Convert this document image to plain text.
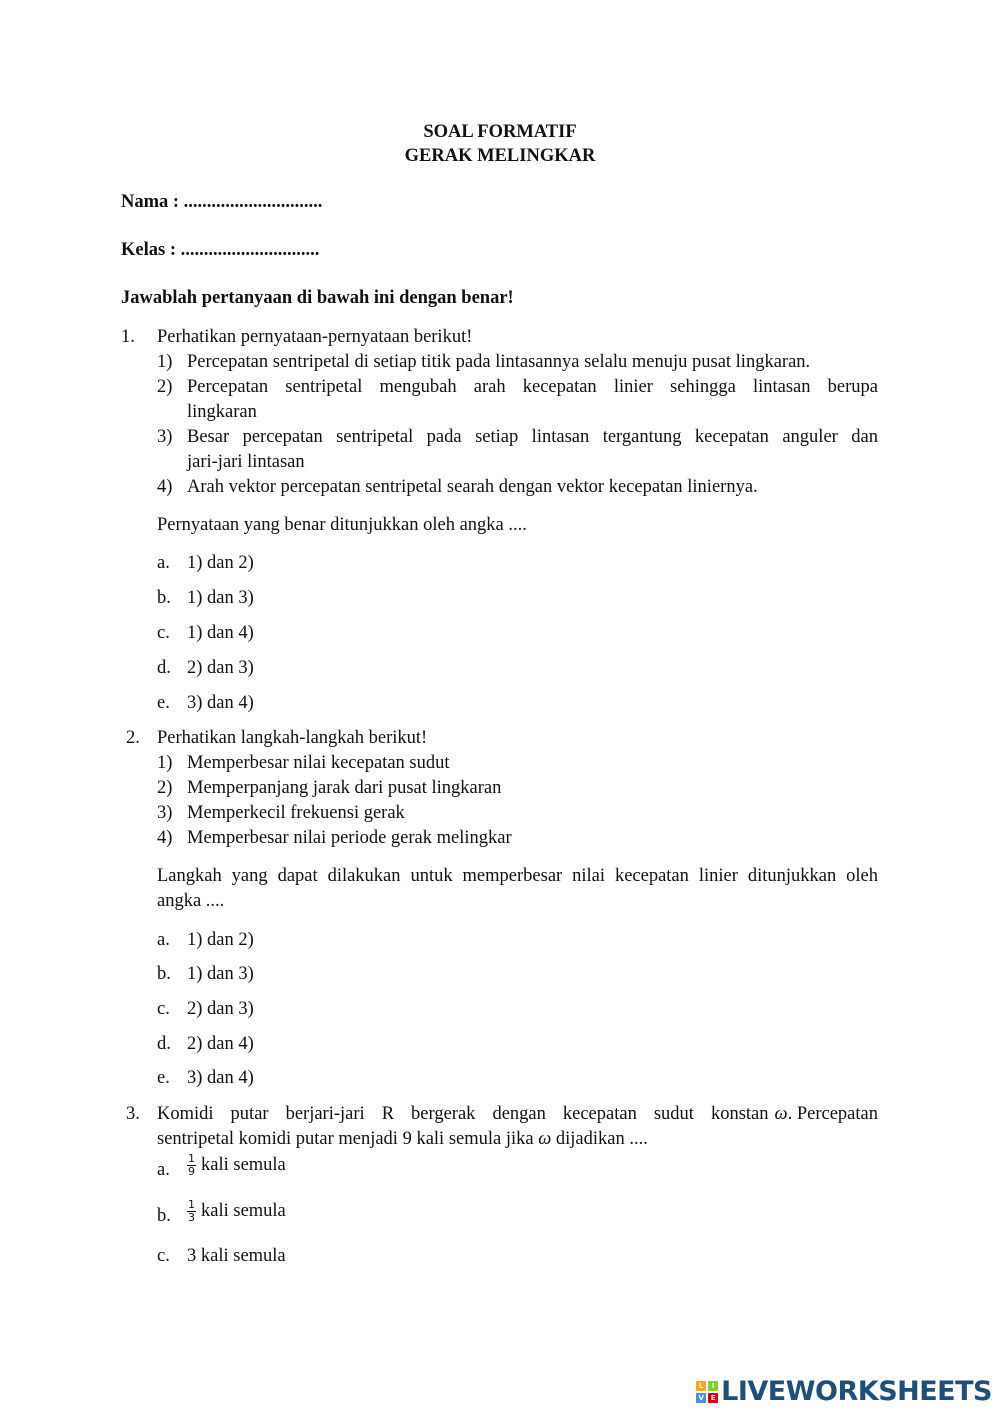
SOAL FORMATIF
GERAK MELINGKAR
Nama : ..............................
Kelas : ..............................
Jawablah pertanyaan di bawah ini dengan benar!
1. Perhatikan pernyataan-pernyataan berikut!
1) Percepatan sentripetal di setiap titik pada lintasannya selalu menuju pusat lingkaran.
2) Percepatan sentripetal mengubah arah kecepatan linier sehingga lintasan berupa
lingkaran
3) Besar percepatan sentripetal pada setiap lintasan tergantung kecepatan anguler dan
jari-jari lintasan
4) Arah vektor percepatan sentripetal searah dengan vektor kecepatan liniernya.
Pernyataan yang benar ditunjukkan oleh angka ....
a. 1) dan 2)
b. 1) dan 3)
c. 1) dan 4)
d. 2) dan 3)
e. 3) dan 4)
2. Perhatikan langkah-langkah berikut!
1) Memperbesar nilai kecepatan sudut
2) Memperpanjang jarak dari pusat lingkaran
3) Memperkecil frekuensi gerak
4) Memperbesar nilai periode gerak melingkar
Langkah yang dapat dilakukan untuk memperbesar nilai kecepatan linier ditunjukkan oleh
angka ....
a. 1) dan 2)
b. 1) dan 3)
c. 2) dan 3)
d. 2) dan 4)
e. 3) dan 4)
3. Komidi putar berjari-jari R bergerak dengan kecepatan sudut konstan ω . Percepatan
sentripetal komidi putar menjadi 9 kali semula jika ω dijadikan ....
a. $\frac{1}{9}$ kali semula
b. $\frac{1}{3}$ kali semula
c. 3 kali semula
L	I
V E LIVEWORKSHEETS
